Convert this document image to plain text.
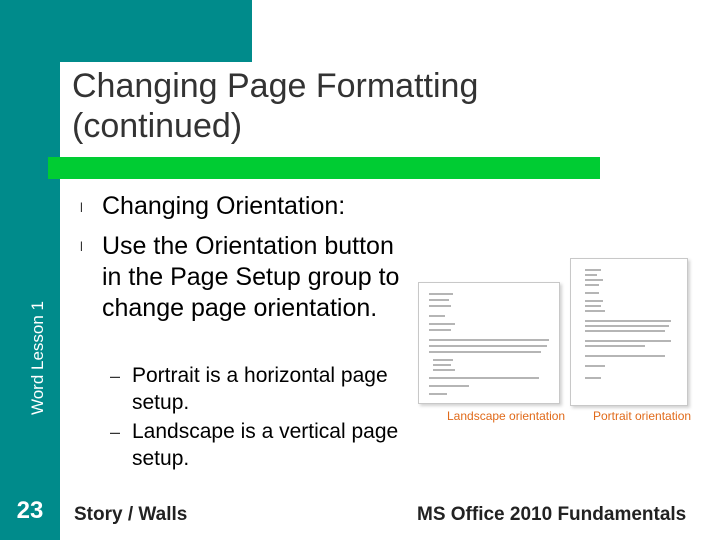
Changing Page Formatting (continued)
Word Lesson 1
23
l Changing Orientation:
l Use the Orientation button in the Page Setup group to change page orientation.
– Portrait is a horizontal page setup.
– Landscape is a vertical page setup.
Landscape orientation Portrait orientation
Story / Walls	MS Office 2010 Fundamentals
